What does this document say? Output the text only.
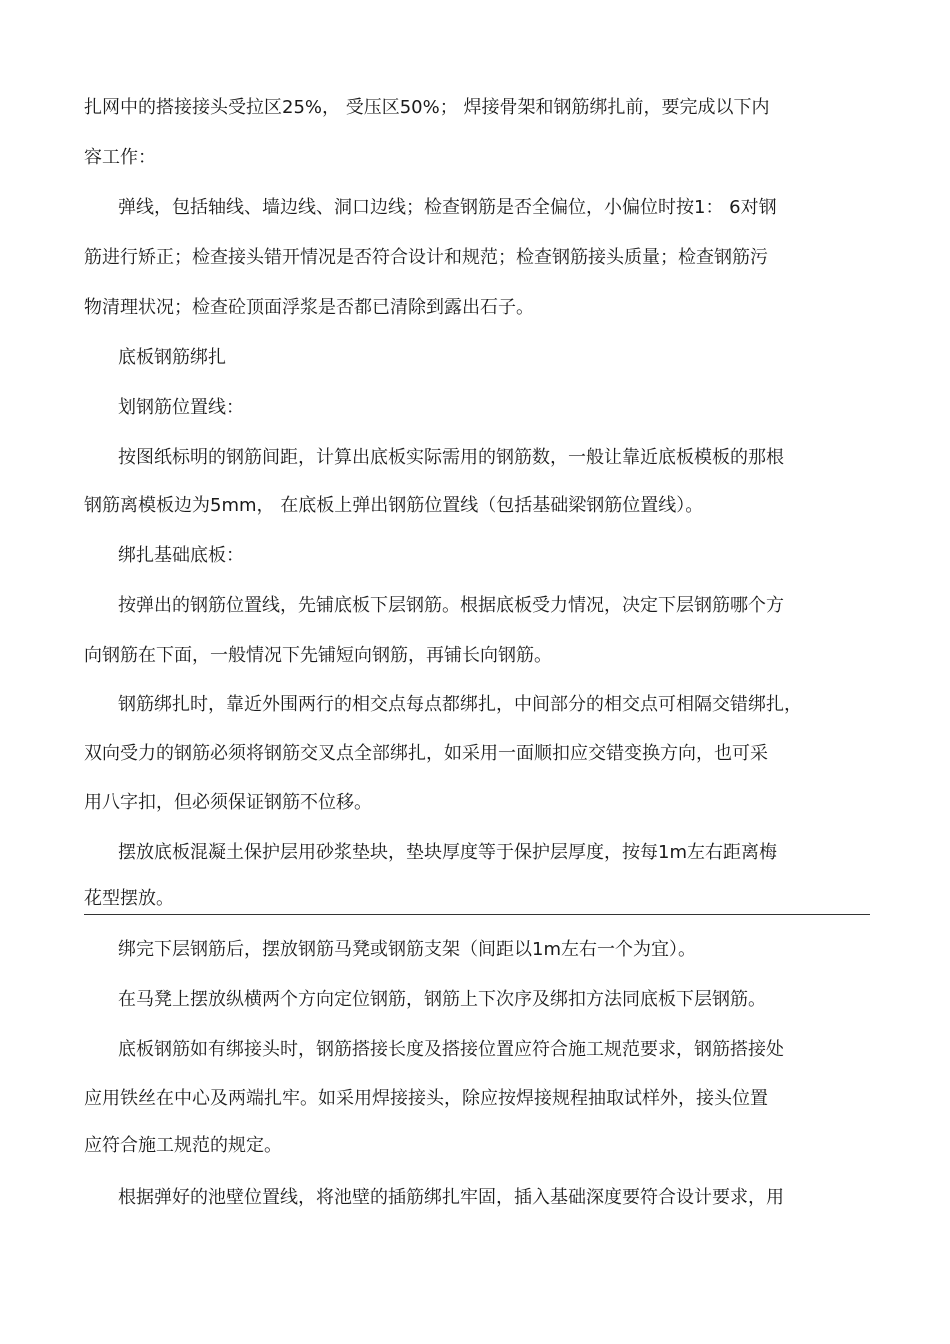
扎网中的搭接接头受拉区25%， 受压区50%； 焊接骨架和钢筋绑扎前，要完成以下内
容工作：
弹线，包括轴线、墙边线、洞口边线；检查钢筋是否全偏位，小偏位时按1： 6对钢
筋进行矫正；检查接头错开情况是否符合设计和规范；检查钢筋接头质量；检查钢筋污
物清理状况；检查砼顶面浮浆是否都已清除到露出石子。
底板钢筋绑扎
划钢筋位置线：
按图纸标明的钢筋间距，计算出底板实际需用的钢筋数，一般让靠近底板模板的那根
钢筋离模板边为5mm， 在底板上弹出钢筋位置线（包括基础梁钢筋位置线）。
绑扎基础底板：
按弹出的钢筋位置线，先铺底板下层钢筋。根据底板受力情况，决定下层钢筋哪个方
向钢筋在下面，一般情况下先铺短向钢筋，再铺长向钢筋。
钢筋绑扎时，靠近外围两行的相交点每点都绑扎，中间部分的相交点可相隔交错绑扎，
双向受力的钢筋必须将钢筋交叉点全部绑扎，如采用一面顺扣应交错变换方向，也可采
用八字扣，但必须保证钢筋不位移。
摆放底板混凝土保护层用砂浆垫块，垫块厚度等于保护层厚度，按每1m左右距离梅
花型摆放。
绑完下层钢筋后，摆放钢筋马凳或钢筋支架（间距以1m左右一个为宜）。
在马凳上摆放纵横两个方向定位钢筋，钢筋上下次序及绑扣方法同底板下层钢筋。
底板钢筋如有绑接头时，钢筋搭接长度及搭接位置应符合施工规范要求，钢筋搭接处
应用铁丝在中心及两端扎牢。如采用焊接接头，除应按焊接规程抽取试样外，接头位置
应符合施工规范的规定。
根据弹好的池壁位置线，将池壁的插筋绑扎牢固，插入基础深度要符合设计要求，用
